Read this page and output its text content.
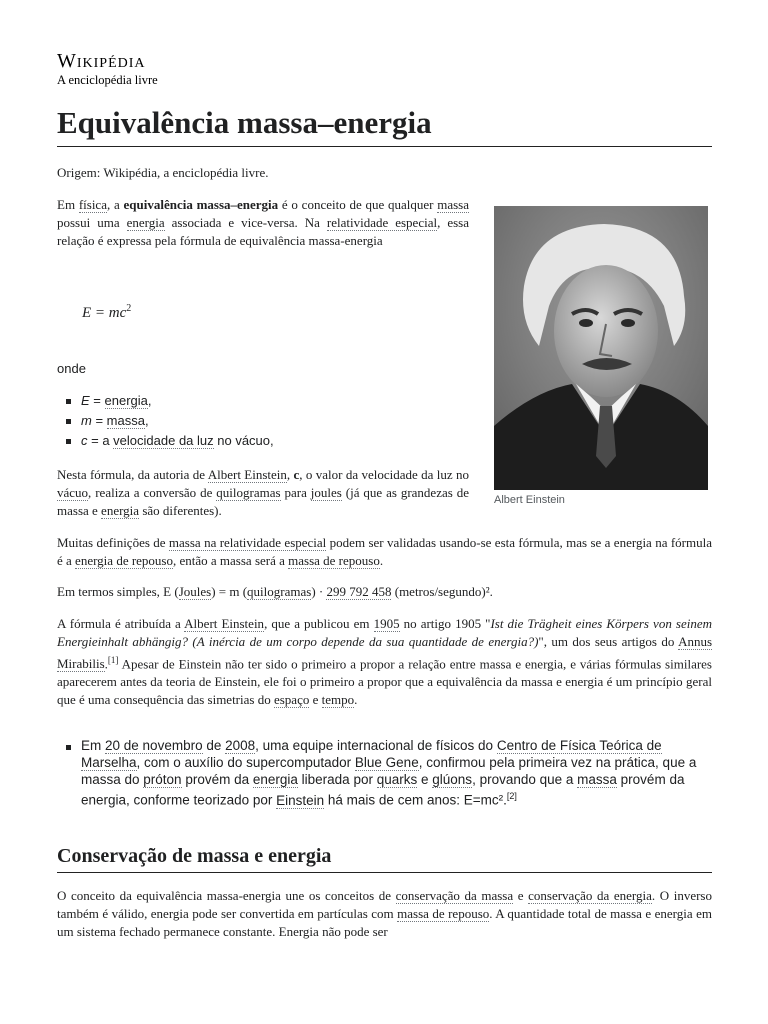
Wikipédia
A enciclopédia livre
Equivalência massa–energia

Origem: Wikipédia, a enciclopédia livre.

Em física, a equivalência massa–energia é o conceito de que qualquer massa possui uma energia associada e vice-versa. Na relatividade especial, essa relação é expressa pela fórmula de equivalência massa-energia

$E = mc^2$

onde

E = energia,
m = massa,
c = a velocidade da luz no vácuo,

Nesta fórmula, da autoria de Albert Einstein, c, o valor da velocidade da luz no vácuo, realiza a conversão de quilogramas para joules (já que as grandezas de massa e energia são diferentes).

Albert Einstein

Muitas definições de massa na relatividade especial podem ser validadas usando-se esta fórmula, mas se a energia na fórmula é a energia de repouso, então a massa será a massa de repouso.

Em termos simples, E (Joules) = m (quilogramas) · 299 792 458 (metros/segundo)².

A fórmula é atribuída a Albert Einstein, que a publicou em 1905 no artigo 1905 "Ist die Trägheit eines Körpers von seinem Energieinhalt abhängig? (A inércia de um corpo depende da sua quantidade de energia?)", um dos seus artigos do Annus Mirabilis.[1] Apesar de Einstein não ter sido o primeiro a propor a relação entre massa e energia, e várias fórmulas similares aparecerem antes da teoria de Einstein, ele foi o primeiro a propor que a equivalência da massa e energia é um princípio geral que é uma consequência das simetrias do espaço e tempo.

Em 20 de novembro de 2008, uma equipe internacional de físicos do Centro de Física Teórica de Marselha, com o auxílio do supercomputador Blue Gene, confirmou pela primeira vez na prática, que a massa do próton provém da energia liberada por quarks e glúons, provando que a massa provém da energia, conforme teorizado por Einstein há mais de cem anos: E=mc².[2]
Conservação de massa e energia

O conceito da equivalência massa-energia une os conceitos de conservação da massa e conservação da energia. O inverso também é válido, energia pode ser convertida em partículas com massa de repouso. A quantidade total de massa e energia em um sistema fechado permanece constante. Energia não pode ser
